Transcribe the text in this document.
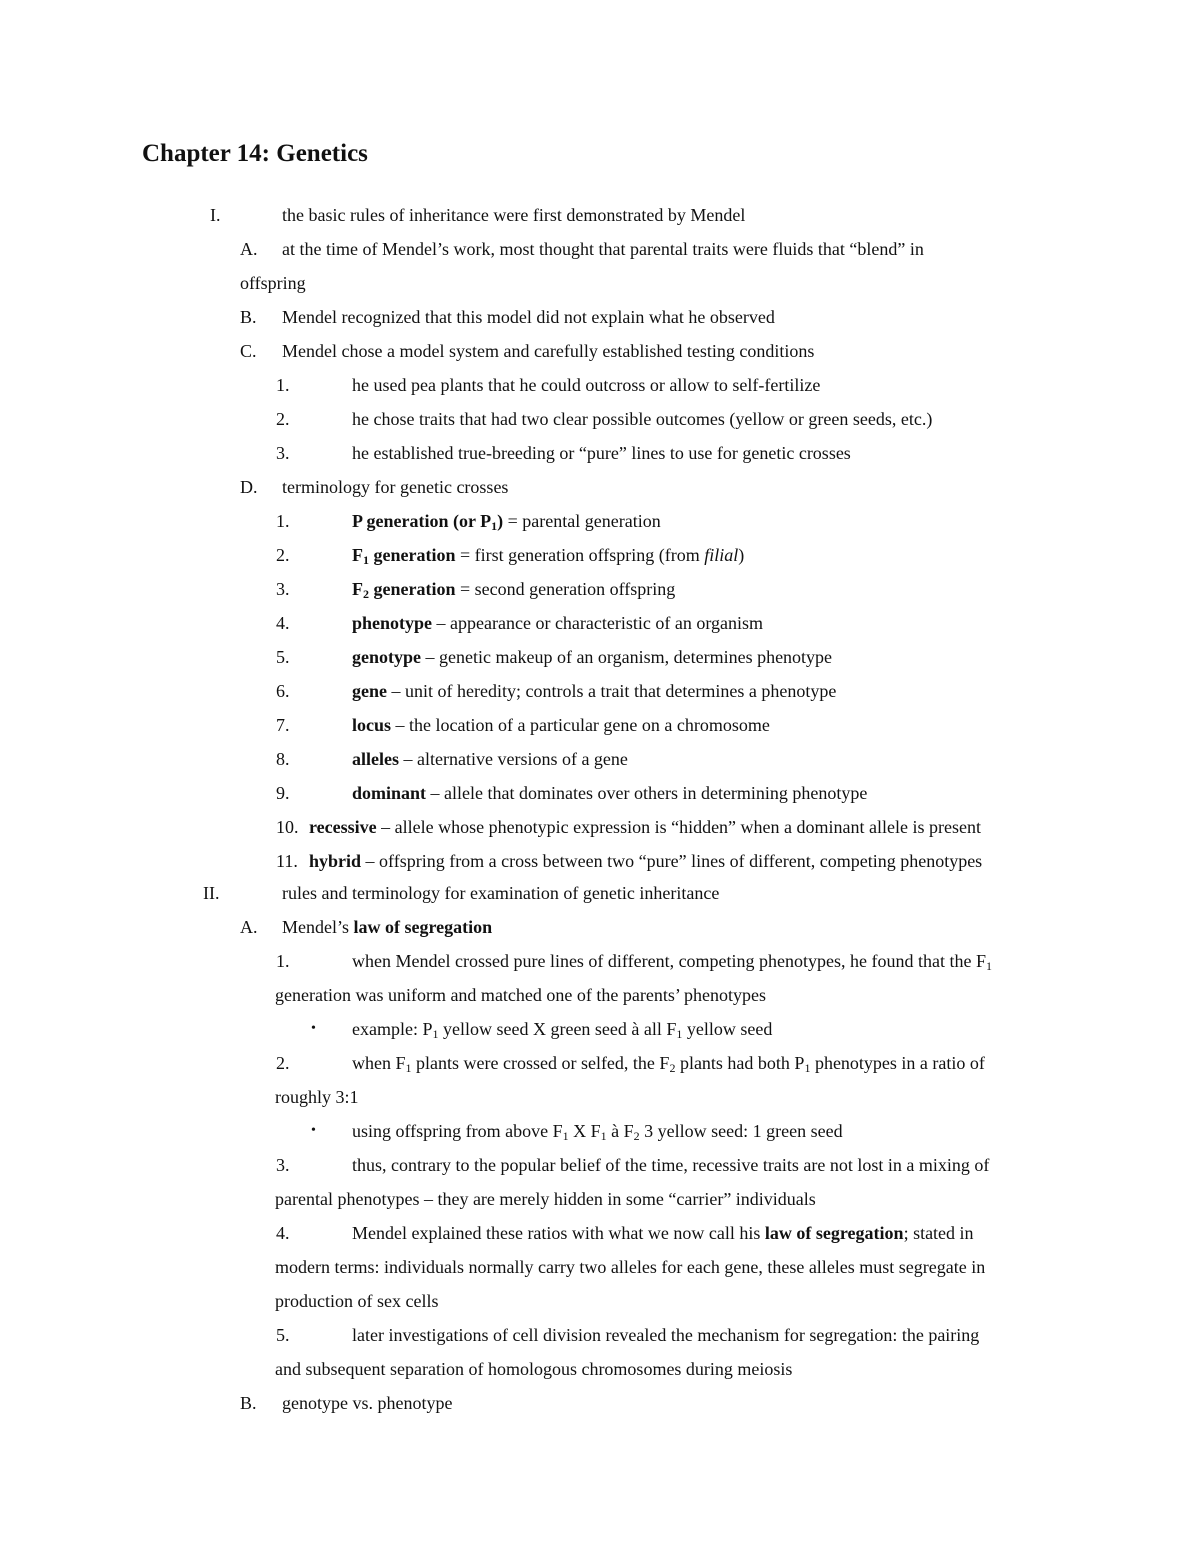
Chapter 14: Genetics
I.	the basic rules of inheritance were first demonstrated by Mendel
A. at the time of Mendel’s work, most thought that parental traits were fluids that “blend” in
offspring
B. Mendel recognized that this model did not explain what he observed
C. Mendel chose a model system and carefully established testing conditions
1.	he used pea plants that he could outcross or allow to self-fertilize
2.	he chose traits that had two clear possible outcomes (yellow or green seeds, etc.)
3.	he established true-breeding or “pure” lines to use for genetic crosses
D. terminology for genetic crosses
1.	P generation (or $P_1$) = parental generation
2.	$F_1$ generation = first generation offspring (from filial)
3.	$F_2$ generation = second generation offspring
4.	phenotype – appearance or characteristic of an organism
5.	genotype – genetic makeup of an organism, determines phenotype
6.	gene – unit of heredity; controls a trait that determines a phenotype
7.	locus – the location of a particular gene on a chromosome
8.	alleles – alternative versions of a gene
9.	dominant – allele that dominates over others in determining phenotype
10. recessive – allele whose phenotypic expression is “hidden” when a dominant allele is present
11. hybrid – offspring from a cross between two “pure” lines of different, competing phenotypes
II.	rules and terminology for examination of genetic inheritance
A. Mendel’s law of segregation
1.	when Mendel crossed pure lines of different, competing phenotypes, he found that the $F_1$
generation was uniform and matched one of the parents’ phenotypes
• example: $P_1$ yellow seed X green seed à all $F_1$ yellow seed
2.	when $F_1$ plants were crossed or selfed, the $F_2$ plants had both $P_1$ phenotypes in a ratio of
roughly 3:1
• using offspring from above $F_1$ X $F_1$ à $F_2$ 3 yellow seed: 1 green seed
3.	thus, contrary to the popular belief of the time, recessive traits are not lost in a mixing of
parental phenotypes – they are merely hidden in some “carrier” individuals
4.	Mendel explained these ratios with what we now call his law of segregation; stated in
modern terms: individuals normally carry two alleles for each gene, these alleles must segregate in
production of sex cells
5.	later investigations of cell division revealed the mechanism for segregation: the pairing
and subsequent separation of homologous chromosomes during meiosis
B. genotype vs. phenotype
